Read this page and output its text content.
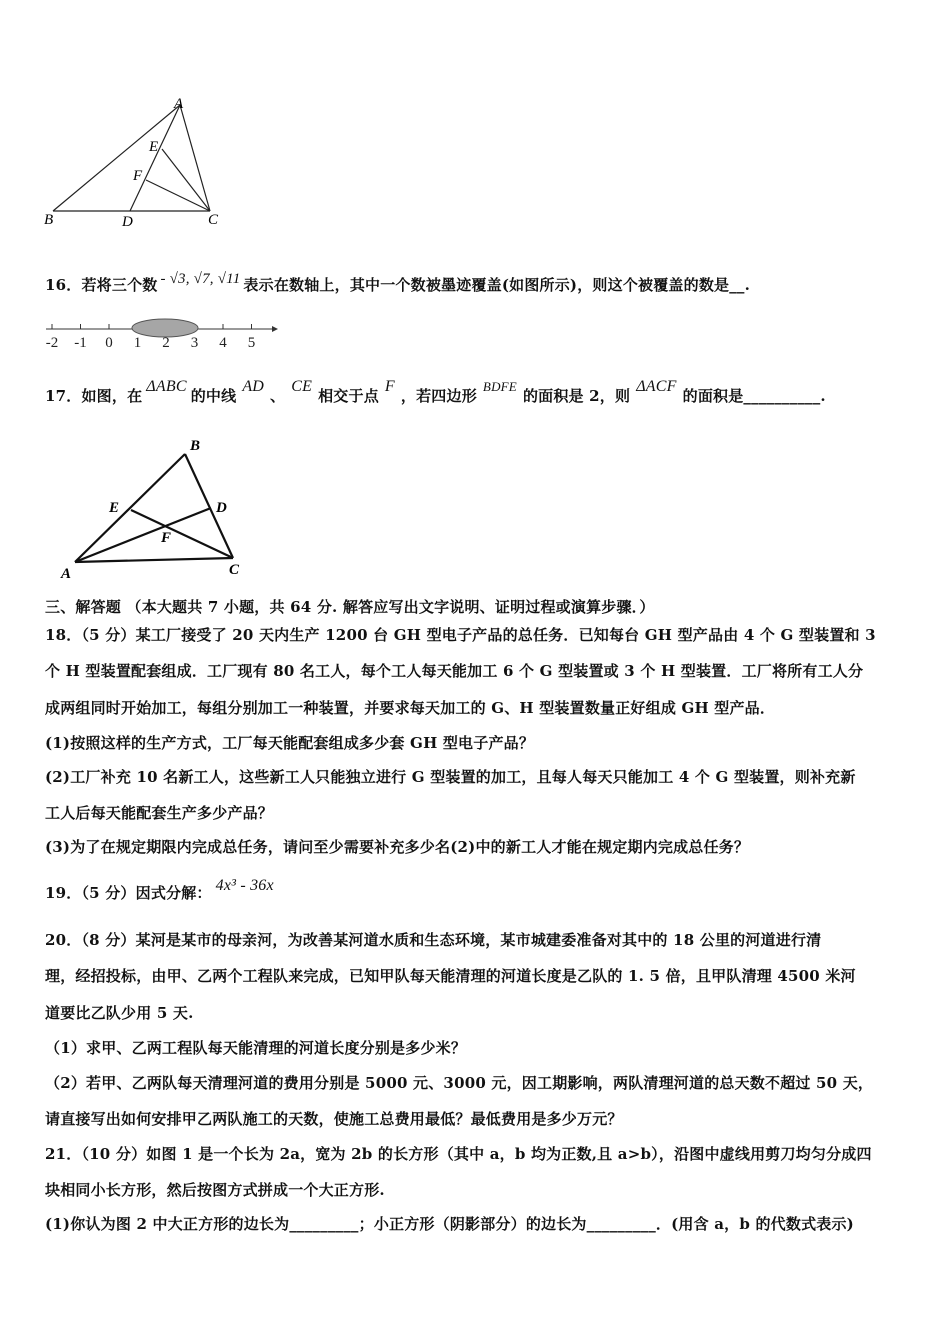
A
E
F
B	D	C
16．若将三个数 - √3, √7, √11 表示在数轴上，其中一个数被墨迹覆盖(如图所示)，则这个被覆盖的数是__.
-2 -1 0 1 2 3 4 5
17．如图，在ΔABC的中线AD、CE相交于点F，若四边形BDFE的面积是 2，则ΔACF的面积是__________.
B
E	D
F
A	C
三、解答题 （本大题共 7 小题，共 64 分. 解答应写出文字说明、证明过程或演算步骤．）
18．（5 分）某工厂接受了 20 天内生产 1200 台 GH 型电子产品的总任务．已知每台 GH 型产品由 4 个 G 型装置和 3
个 H 型装置配套组成．工厂现有 80 名工人，每个工人每天能加工 6 个 G 型装置或 3 个 H 型装置．工厂将所有工人分
成两组同时开始加工，每组分别加工一种装置，并要求每天加工的 G、H 型装置数量正好组成 GH 型产品．
(1)按照这样的生产方式，工厂每天能配套组成多少套 GH 型电子产品？
(2)工厂补充 10 名新工人，这些新工人只能独立进行 G 型装置的加工，且每人每天只能加工 4 个 G 型装置，则补充新
工人后每天能配套生产多少产品？
(3)为了在规定期限内完成总任务，请问至少需要补充多少名(2)中的新工人才能在规定期内完成总任务？
19．（5 分）因式分解： 4x³ - 36x
20．（8 分）某河是某市的母亲河，为改善某河道水质和生态环境，某市城建委准备对其中的 18 公里的河道进行清
理，经招投标，由甲、乙两个工程队来完成，已知甲队每天能清理的河道长度是乙队的 1. 5 倍，且甲队清理 4500 米河
道要比乙队少用 5 天.
（1）求甲、乙两工程队每天能清理的河道长度分别是多少米？
（2）若甲、乙两队每天清理河道的费用分别是 5000 元、3000 元，因工期影响，两队清理河道的总天数不超过 50 天，
请直接写出如何安排甲乙两队施工的天数，使施工总费用最低？最低费用是多少万元？
21．（10 分）如图 1 是一个长为 2a，宽为 2b 的长方形（其中 a，b 均为正数,且 a>b），沿图中虚线用剪刀均匀分成四
块相同小长方形，然后按图方式拼成一个大正方形.
(1)你认为图 2 中大正方形的边长为_________；小正方形（阴影部分）的边长为_________．(用含 a，b 的代数式表示)
